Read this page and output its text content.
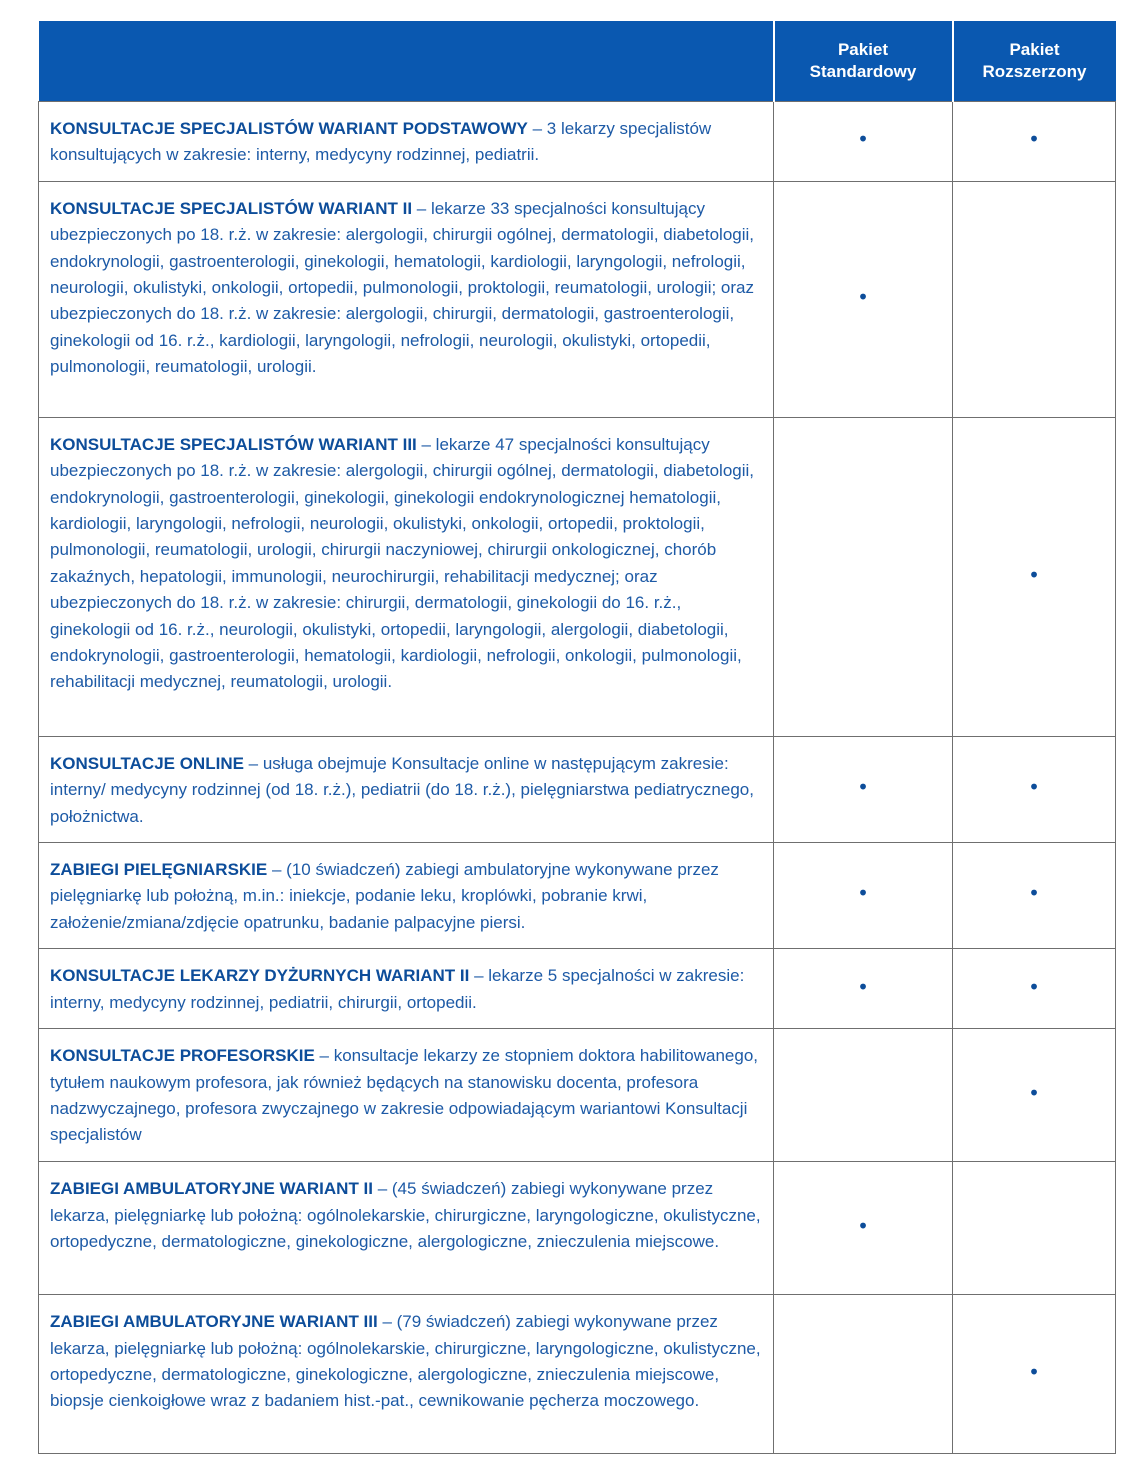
	Pakiet Standardowy	Pakiet Rozszerzony
KONSULTACJE SPECJALISTÓW WARIANT PODSTAWOWY – 3 lekarzy specjalistów konsultujących w zakresie: interny, medycyny rodzinnej, pediatrii.	•	•
KONSULTACJE SPECJALISTÓW WARIANT II – lekarze 33 specjalności konsultujący ubezpieczonych po 18. r.ż. w zakresie: alergologii, chirurgii ogólnej, dermatologii, diabetologii, endokrynologii, gastroenterologii, ginekologii, hematologii, kardiologii, laryngologii, nefrologii, neurologii, okulistyki, onkologii, ortopedii, pulmonologii, proktologii, reumatologii, urologii; oraz ubezpieczonych do 18. r.ż. w zakresie: alergologii, chirurgii, dermatologii, gastroenterologii, ginekologii od 16. r.ż., kardiologii, laryngologii, nefrologii, neurologii, okulistyki, ortopedii, pulmonologii, reumatologii, urologii.	•	
KONSULTACJE SPECJALISTÓW WARIANT III – lekarze 47 specjalności konsultujący ubezpieczonych po 18. r.ż. w zakresie: alergologii, chirurgii ogólnej, dermatologii, diabetologii, endokrynologii, gastroenterologii, ginekologii, ginekologii endokrynologicznej hematologii, kardiologii, laryngologii, nefrologii, neurologii, okulistyki, onkologii, ortopedii, proktologii, pulmonologii, reumatologii, urologii, chirurgii naczyniowej, chirurgii onkologicznej, chorób zakaźnych, hepatologii, immunologii, neurochirurgii, rehabilitacji medycznej; oraz ubezpieczonych do 18. r.ż. w zakresie: chirurgii, dermatologii, ginekologii do 16. r.ż., ginekologii od 16. r.ż., neurologii, okulistyki, ortopedii, laryngologii, alergologii, diabetologii, endokrynologii, gastroenterologii, hematologii, kardiologii, nefrologii, onkologii, pulmonologii, rehabilitacji medycznej, reumatologii, urologii.		•
KONSULTACJE ONLINE – usługa obejmuje Konsultacje online w następującym zakresie: interny/ medycyny rodzinnej (od 18. r.ż.), pediatrii (do 18. r.ż.), pielęgniarstwa pediatrycznego, położnictwa.	•	•
ZABIEGI PIELĘGNIARSKIE – (10 świadczeń) zabiegi ambulatoryjne wykonywane przez pielęgniarkę lub położną, m.in.: iniekcje, podanie leku, kroplówki, pobranie krwi, założenie/zmiana/zdjęcie opatrunku, badanie palpacyjne piersi.	•	•
KONSULTACJE LEKARZY DYŻURNYCH WARIANT II – lekarze 5 specjalności w zakresie: interny, medycyny rodzinnej, pediatrii, chirurgii, ortopedii.	•	•
KONSULTACJE PROFESORSKIE – konsultacje lekarzy ze stopniem doktora habilitowanego, tytułem naukowym profesora, jak również będących na stanowisku docenta, profesora nadzwyczajnego, profesora zwyczajnego w zakresie odpowiadającym wariantowi Konsultacji specjalistów		•
ZABIEGI AMBULATORYJNE WARIANT II – (45 świadczeń) zabiegi wykonywane przez lekarza, pielęgniarkę lub położną: ogólnolekarskie, chirurgiczne, laryngologiczne, okulistyczne, ortopedyczne, dermatologiczne, ginekologiczne, alergologiczne, znieczulenia miejscowe.	•	
ZABIEGI AMBULATORYJNE WARIANT III – (79 świadczeń) zabiegi wykonywane przez lekarza, pielęgniarkę lub położną: ogólnolekarskie, chirurgiczne, laryngologiczne, okulistyczne, ortopedyczne, dermatologiczne, ginekologiczne, alergologiczne, znieczulenia miejscowe, biopsje cienkoigłowe wraz z badaniem hist.-pat., cewnikowanie pęcherza moczowego.		•
